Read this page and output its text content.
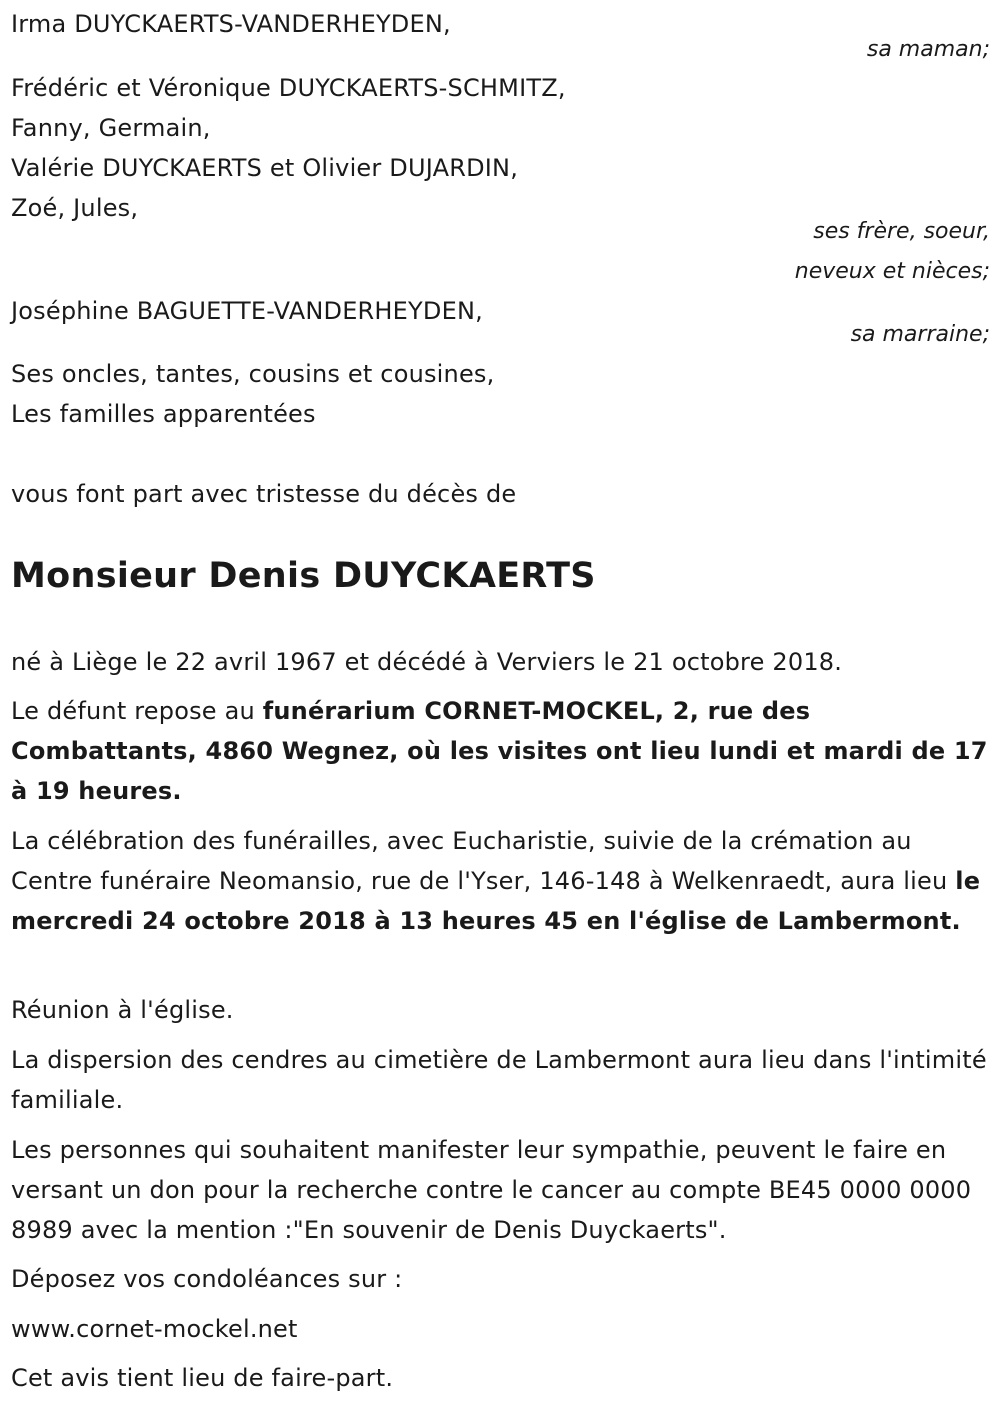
Irma DUYCKAERTS-VANDERHEYDEN,
sa maman;
Frédéric et Véronique DUYCKAERTS-SCHMITZ,
Fanny, Germain,
Valérie DUYCKAERTS et Olivier DUJARDIN,
Zoé, Jules,
ses frère, soeur,
neveux et nièces;
Joséphine BAGUETTE-VANDERHEYDEN,
sa marraine;
Ses oncles, tantes, cousins et cousines,
Les familles apparentées
vous font part avec tristesse du décès de
Monsieur Denis DUYCKAERTS
né à Liège le 22 avril 1967 et décédé à Verviers le 21 octobre 2018.
Le défunt repose au funérarium CORNET-MOCKEL, 2, rue des Combattants, 4860 Wegnez, où les visites ont lieu lundi et mardi de 17 à 19 heures.
La célébration des funérailles, avec Eucharistie, suivie de la crémation au Centre funéraire Neomansio, rue de l'Yser, 146-148 à Welkenraedt, aura lieu le mercredi 24 octobre 2018 à 13 heures 45 en l'église de Lambermont.
Réunion à l'église.
La dispersion des cendres au cimetière de Lambermont aura lieu dans l'intimité familiale.
Les personnes qui souhaitent manifester leur sympathie, peuvent le faire en versant un don pour la recherche contre le cancer au compte BE45 0000 0000 8989 avec la mention :"En souvenir de Denis Duyckaerts".
Déposez vos condoléances sur :
www.cornet-mockel.net
Cet avis tient lieu de faire-part.
